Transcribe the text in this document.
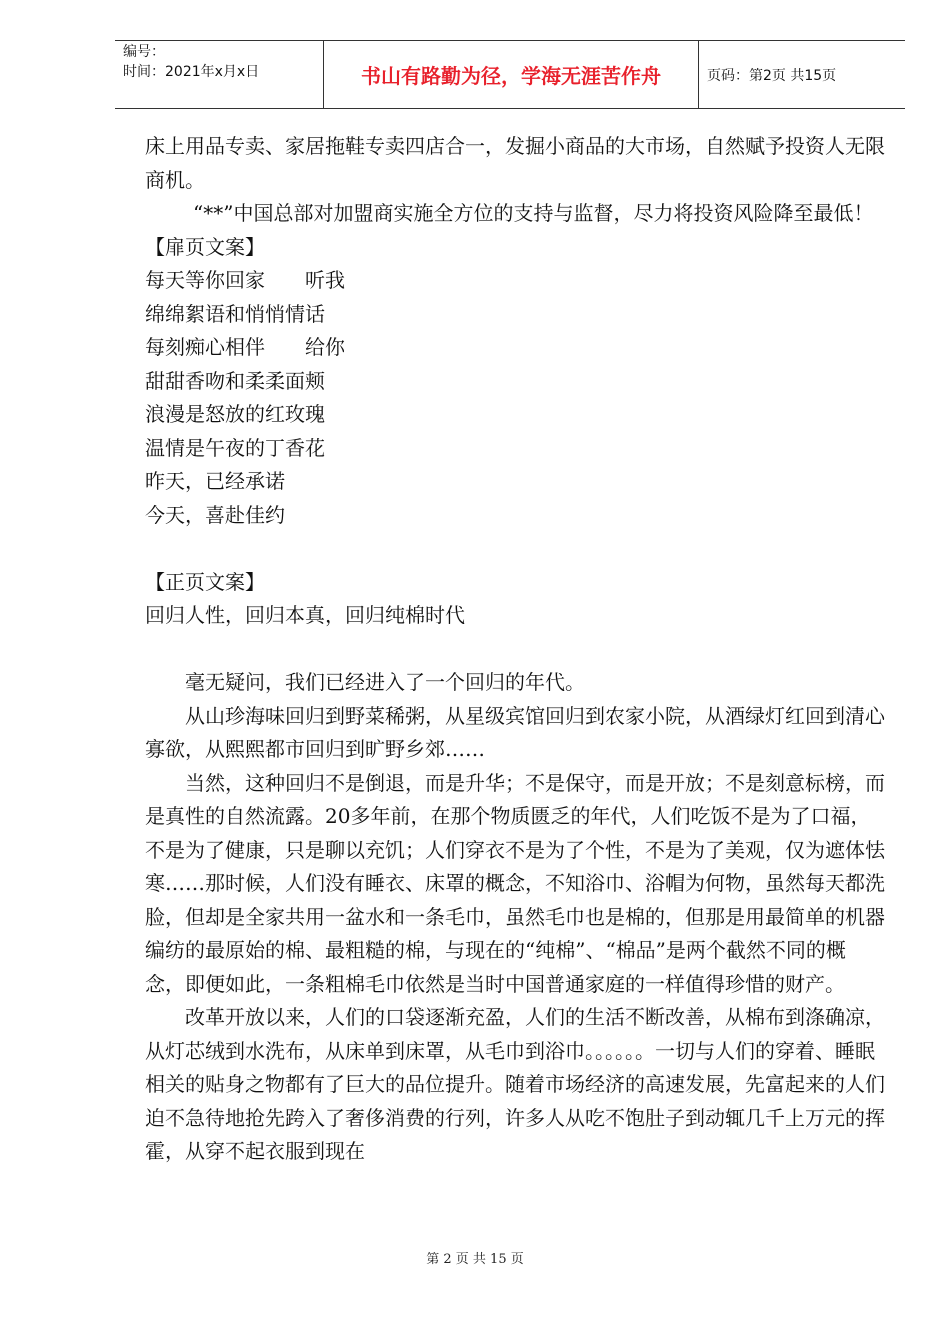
编号：
时间：2021年x月x日	书山有路勤为径，学海无涯苦作舟	页码：第2页 共15页

床上用品专卖、家居拖鞋专卖四店合一，发掘小商品的大市场，自然赋予投资人无限商机。

“**”中国总部对加盟商实施全方位的支持与监督，尽力将投资风险降至最低！

【扉页文案】

每天等你回家　　听我

绵绵絮语和悄悄情话

每刻痴心相伴　　给你

甜甜香吻和柔柔面颊

浪漫是怒放的红玫瑰

温情是午夜的丁香花

昨天，已经承诺

今天，喜赴佳约

【正页文案】

回归人性，回归本真，回归纯棉时代

毫无疑问，我们已经进入了一个回归的年代。

从山珍海味回归到野菜稀粥，从星级宾馆回归到农家小院，从酒绿灯红回到清心寡欲，从熙熙都市回归到旷野乡郊……

当然，这种回归不是倒退，而是升华；不是保守，而是开放；不是刻意标榜，而是真性的自然流露。20多年前，在那个物质匮乏的年代，人们吃饭不是为了口福，不是为了健康，只是聊以充饥；人们穿衣不是为了个性，不是为了美观，仅为遮体怯寒……那时候，人们没有睡衣、床罩的概念，不知浴巾、浴帽为何物，虽然每天都洗脸，但却是全家共用一盆水和一条毛巾，虽然毛巾也是棉的，但那是用最简单的机器编纺的最原始的棉、最粗糙的棉，与现在的“纯棉”、“棉品”是两个截然不同的概念，即便如此，一条粗棉毛巾依然是当时中国普通家庭的一样值得珍惜的财产。

改革开放以来，人们的口袋逐渐充盈，人们的生活不断改善，从棉布到涤确凉，从灯芯绒到水洗布，从床单到床罩，从毛巾到浴巾。。。。。。一切与人们的穿着、睡眠相关的贴身之物都有了巨大的品位提升。随着市场经济的高速发展，先富起来的人们迫不急待地抢先跨入了奢侈消费的行列，许多人从吃不饱肚子到动辄几千上万元的挥霍，从穿不起衣服到现在

第 2 页 共 15 页
